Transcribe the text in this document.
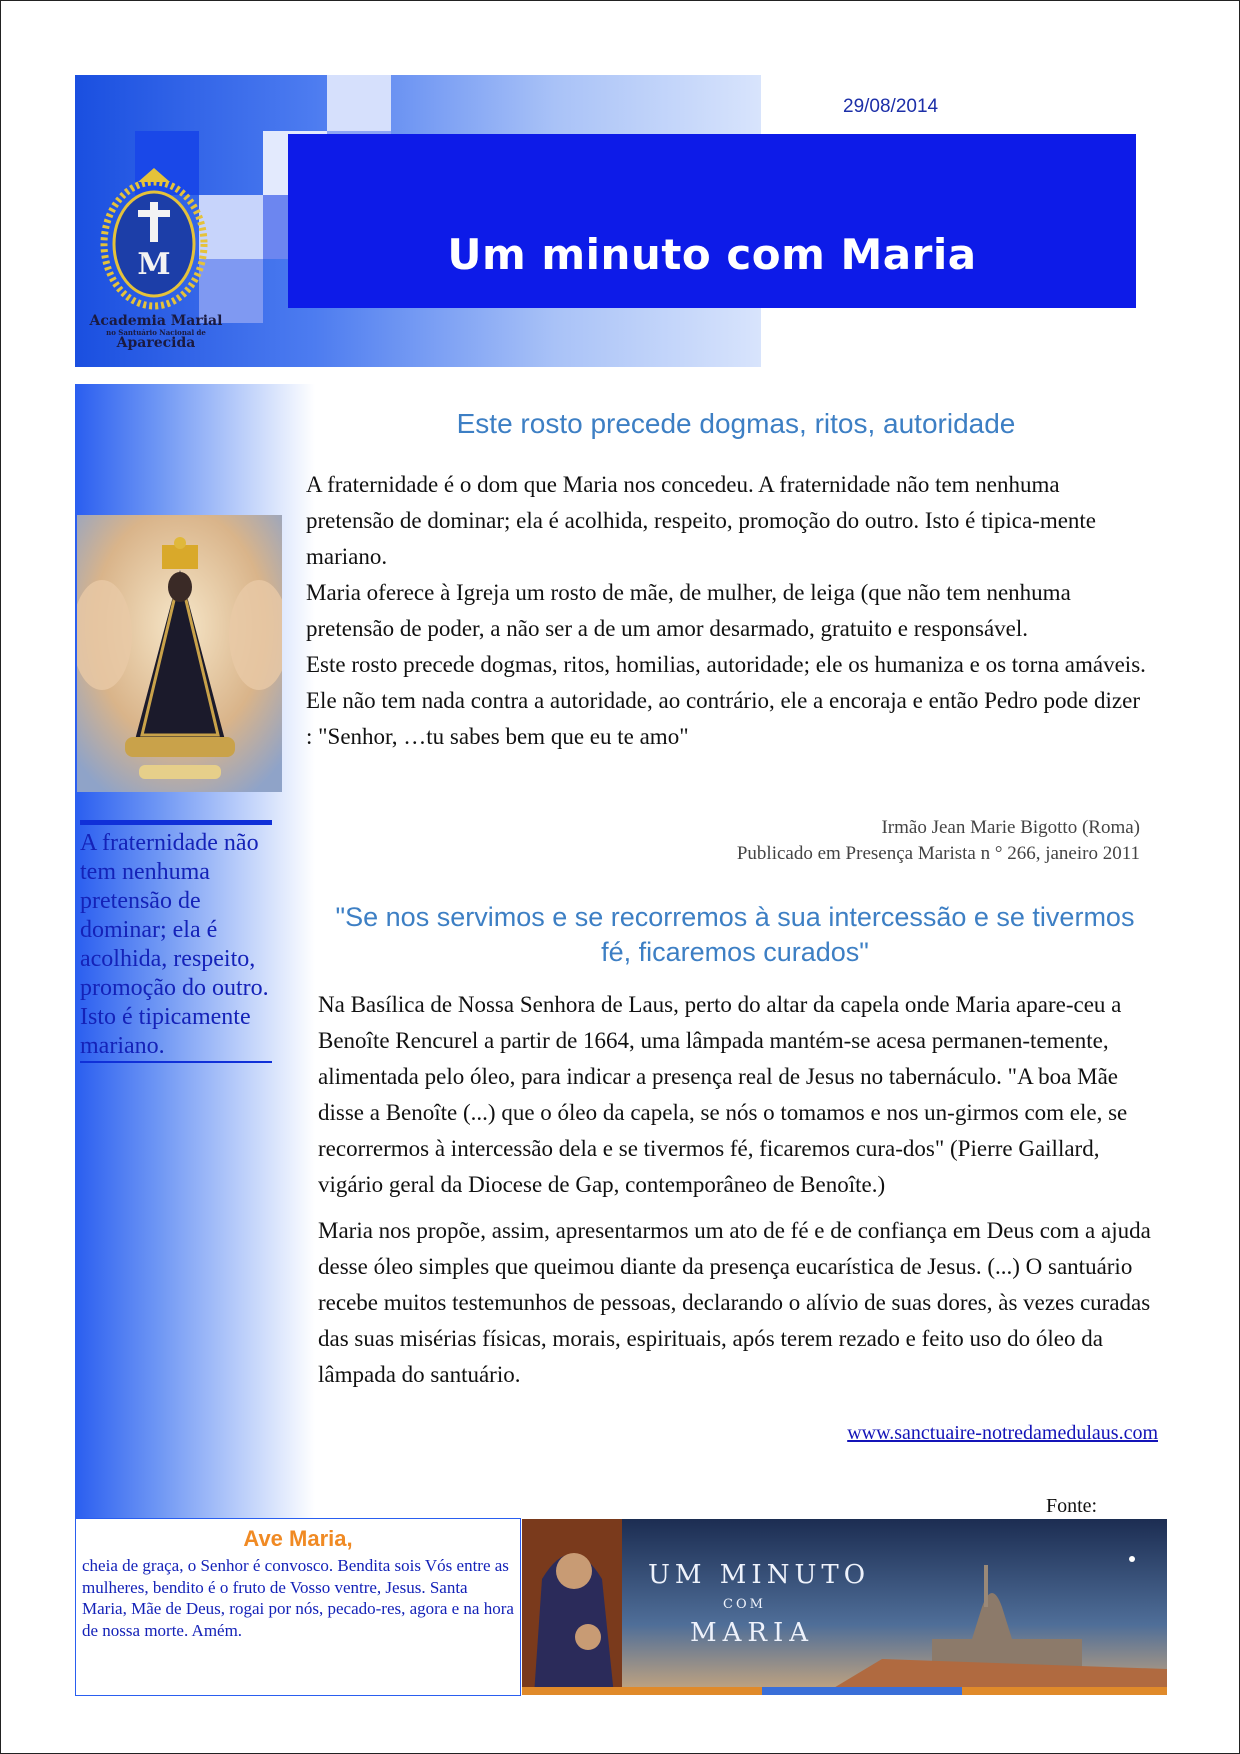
Um minuto com Maria
29/08/2014
M
Academia Marial
no Santuário Nacional de
Aparecida

A fraternidade não tem nenhuma pretensão de dominar; ela é acolhida, respeito, promoção do outro.

Isto é tipicamente mariano.

Este rosto precede dogmas, ritos, autoridade

A fraternidade é o dom que Maria nos concedeu. A fraternidade não tem nenhuma pretensão de dominar; ela é acolhida, respeito, promoção do outro. Isto é tipica-mente mariano.

Maria oferece à Igreja um rosto de mãe, de mulher, de leiga (que não tem nenhuma pretensão de poder, a não ser a de um amor desarmado, gratuito e responsável.

Este rosto precede dogmas, ritos, homilias, autoridade; ele os humaniza e os torna amáveis. Ele não tem nada contra a autoridade, ao contrário, ele a encoraja e então Pedro pode dizer : "Senhor, …tu sabes bem que eu te amo"

Irmão Jean Marie Bigotto (Roma)
Publicado em Presença Marista n ° 266, janeiro 2011
"Se nos servimos e se recorremos à sua intercessão e se tivermos fé, ficaremos curados"

Na Basílica de Nossa Senhora de Laus, perto do altar da capela onde Maria apare-ceu a Benoîte Rencurel a partir de 1664, uma lâmpada mantém-se acesa permanen-temente, alimentada pelo óleo, para indicar a presença real de Jesus no tabernáculo. "A boa Mãe disse a Benoîte (...) que o óleo da capela, se nós o tomamos e nos un-girmos com ele, se recorrermos à intercessão dela e se tivermos fé, ficaremos cura-dos" (Pierre Gaillard, vigário geral da Diocese de Gap, contemporâneo de Benoîte.)

Maria nos propõe, assim, apresentarmos um ato de fé e de confiança em Deus com a ajuda desse óleo simples que queimou diante da presença eucarística de Jesus. (...) O santuário recebe muitos testemunhos de pessoas, declarando o alívio de suas dores, às vezes curadas das suas misérias físicas, morais, espirituais, após terem rezado e feito uso do óleo da lâmpada do santuário.

www.sanctuaire-notredamedulaus.com
Fonte:
Ave Maria,
cheia de graça, o Senhor é convosco. Bendita sois Vós entre as mulheres, bendito é o fruto de Vosso ventre, Jesus. Santa Maria, Mãe de Deus, rogai por nós, pecado-res, agora e na hora de nossa morte. Amém.
UM MINUTO
COM
MARIA
